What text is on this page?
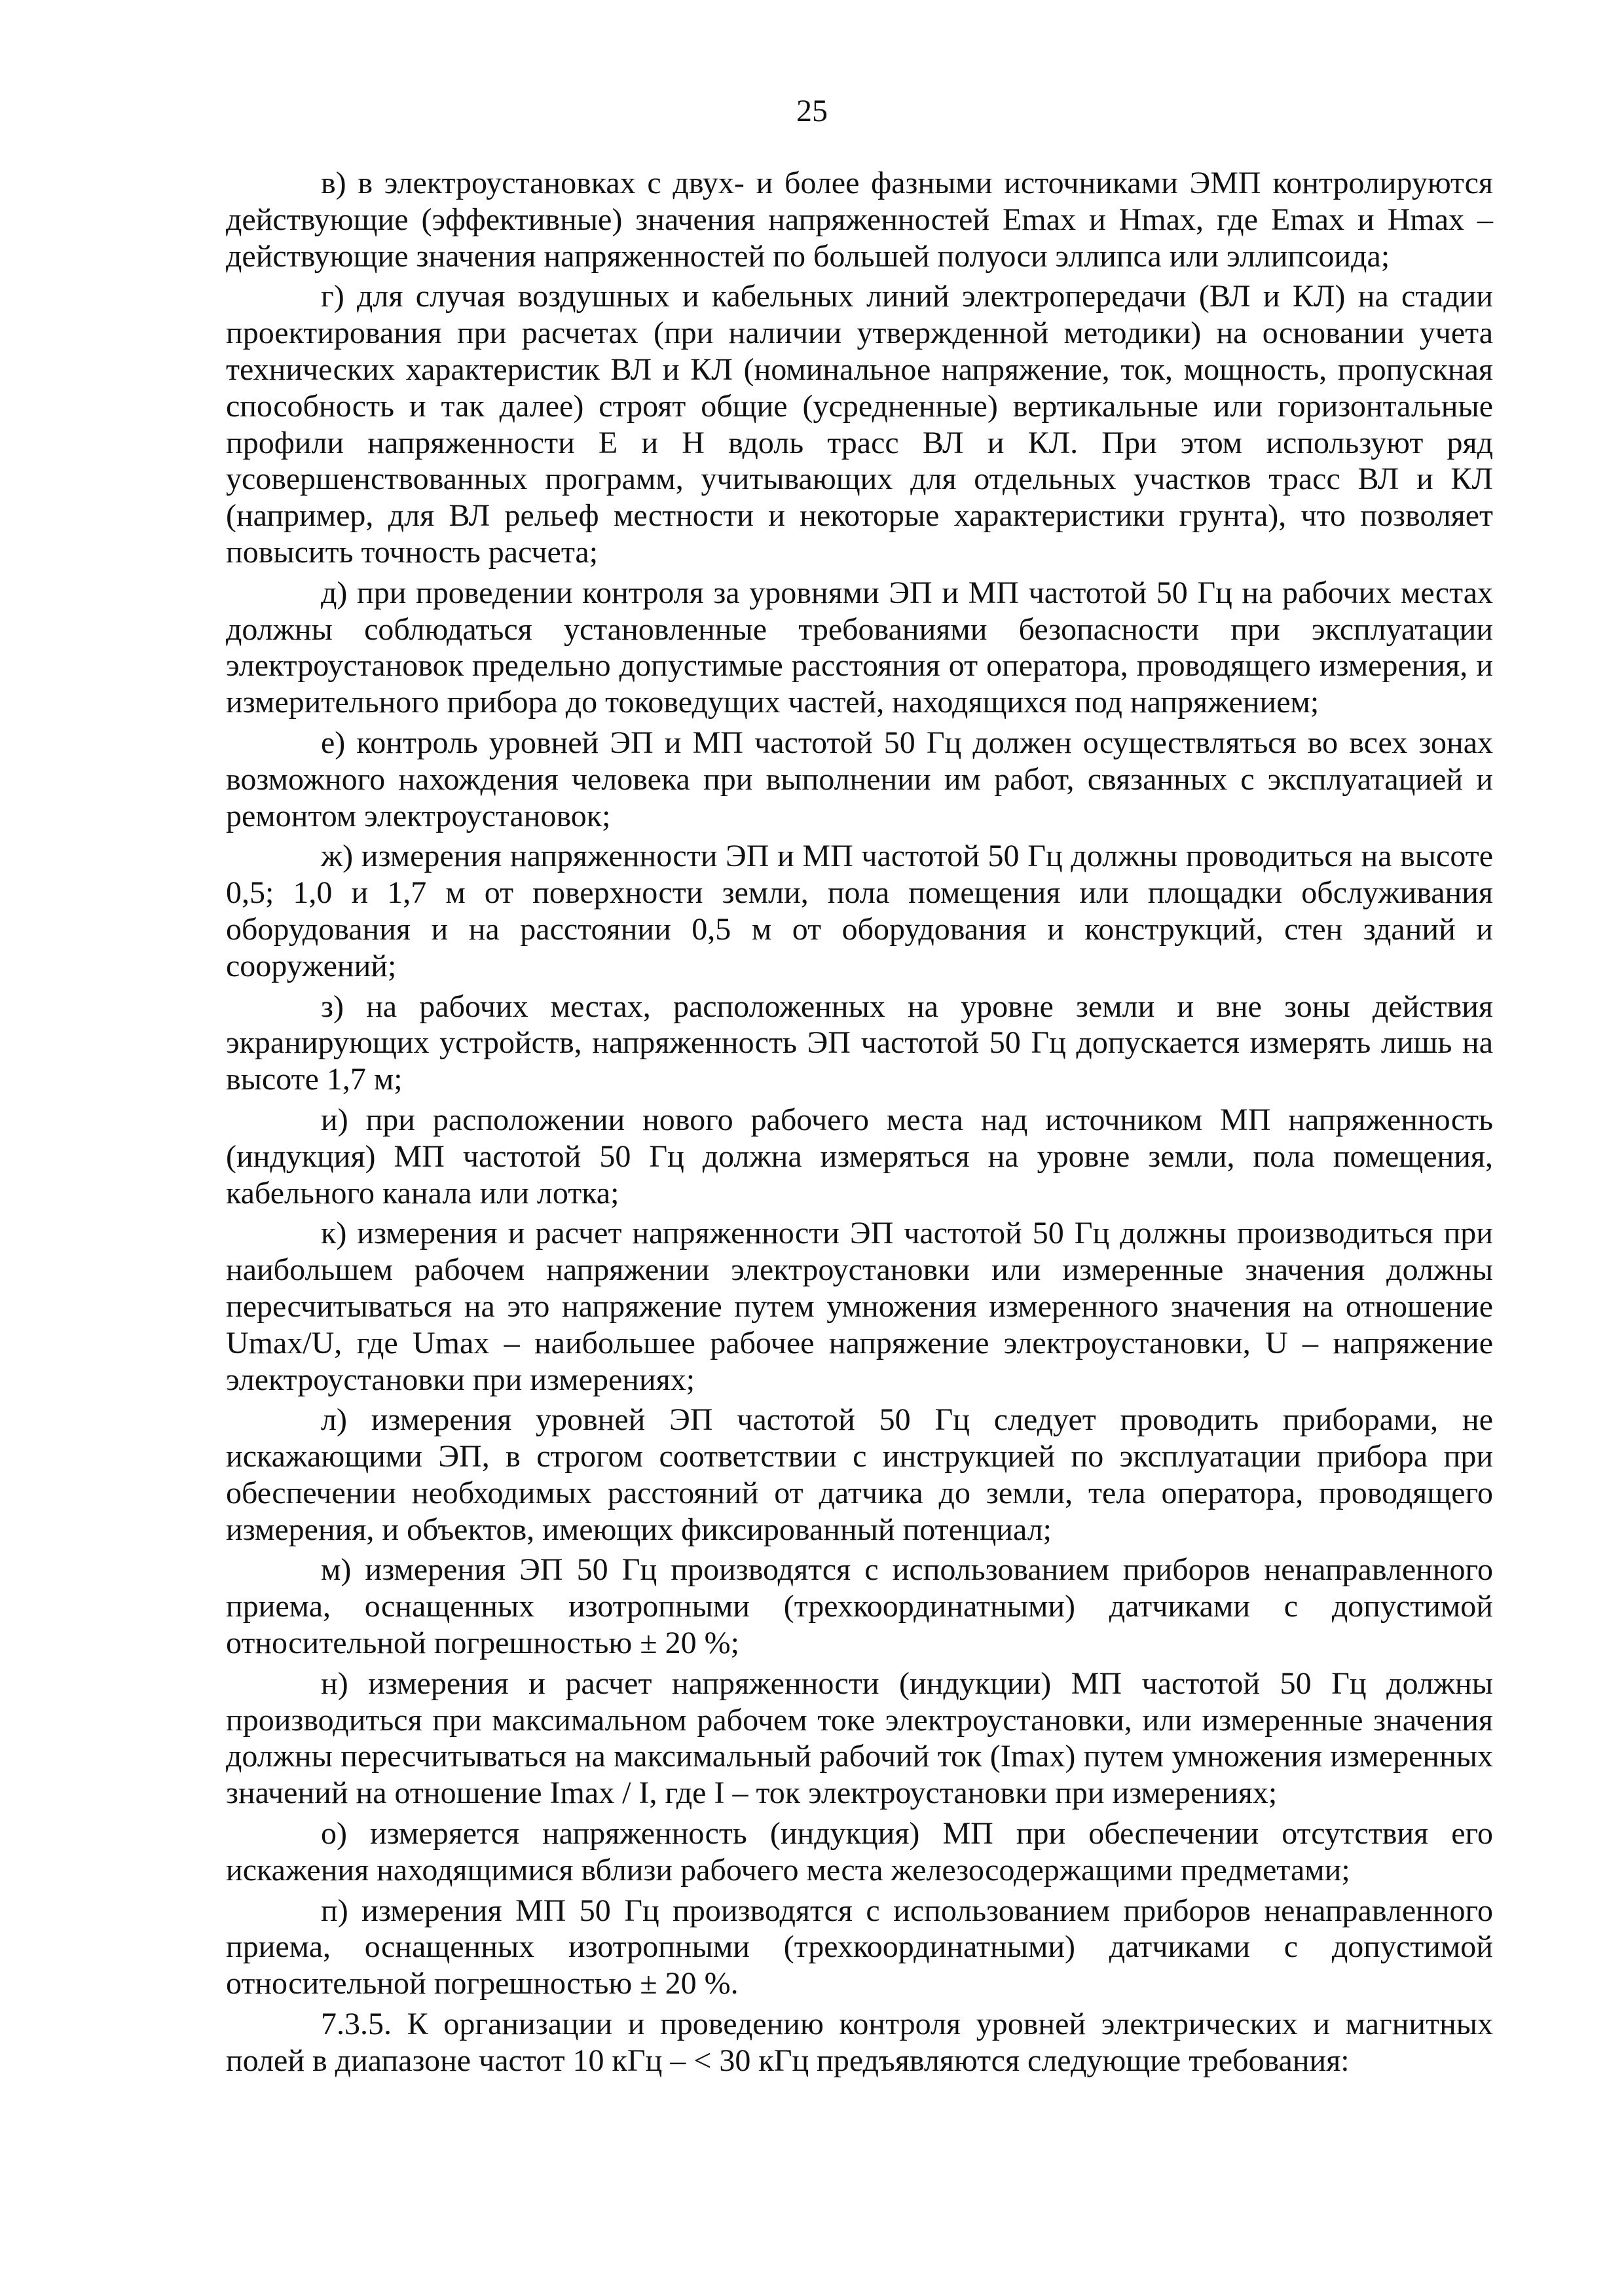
25

в) в электроустановках с двух- и более фазными источниками ЭМП контролируются действующие (эффективные) значения напряженностей Emax и Hmax, где Emax и Hmax – действующие значения напряженностей по большей полуоси эллипса или эллипсоида;

г) для случая воздушных и кабельных линий электропередачи (ВЛ и КЛ) на стадии проектирования при расчетах (при наличии утвержденной методики) на основании учета технических характеристик ВЛ и КЛ (номинальное напряжение, ток, мощность, пропускная способность и так далее) строят общие (усредненные) вертикальные или горизонтальные профили напряженности E и H вдоль трасс ВЛ и КЛ. При этом используют ряд усовершенствованных программ, учитывающих для отдельных участков трасс ВЛ и КЛ (например, для ВЛ рельеф местности и некоторые характеристики грунта), что позволяет повысить точность расчета;

д) при проведении контроля за уровнями ЭП и МП частотой 50 Гц на рабочих местах должны соблюдаться установленные требованиями безопасности при эксплуатации электроустановок предельно допустимые расстояния от оператора, проводящего измерения, и измерительного прибора до токоведущих частей, находящихся под напряжением;

е) контроль уровней ЭП и МП частотой 50 Гц должен осуществляться во всех зонах возможного нахождения человека при выполнении им работ, связанных с эксплуатацией и ремонтом электроустановок;

ж) измерения напряженности ЭП и МП частотой 50 Гц должны проводиться на высоте 0,5; 1,0 и 1,7 м от поверхности земли, пола помещения или площадки обслуживания оборудования и на расстоянии 0,5 м от оборудования и конструкций, стен зданий и сооружений;

з) на рабочих местах, расположенных на уровне земли и вне зоны действия экранирующих устройств, напряженность ЭП частотой 50 Гц допускается измерять лишь на высоте 1,7 м;

и) при расположении нового рабочего места над источником МП напряженность (индукция) МП частотой 50 Гц должна измеряться на уровне земли, пола помещения, кабельного канала или лотка;

к) измерения и расчет напряженности ЭП частотой 50 Гц должны производиться при наибольшем рабочем напряжении электроустановки или измеренные значения должны пересчитываться на это напряжение путем умножения измеренного значения на отношение Umax/U, где Umax – наибольшее рабочее напряжение электроустановки, U – напряжение электроустановки при измерениях;

л) измерения уровней ЭП частотой 50 Гц следует проводить приборами, не искажающими ЭП, в строгом соответствии с инструкцией по эксплуатации прибора при обеспечении необходимых расстояний от датчика до земли, тела оператора, проводящего измерения, и объектов, имеющих фиксированный потенциал;

м) измерения ЭП 50 Гц производятся с использованием приборов ненаправленного приема, оснащенных изотропными (трехкоординатными) датчиками с допустимой относительной погрешностью ± 20 %;

н) измерения и расчет напряженности (индукции) МП частотой 50 Гц должны производиться при максимальном рабочем токе электроустановки, или измеренные значения должны пересчитываться на максимальный рабочий ток (Imax) путем умножения измеренных значений на отношение Imax / I, где I – ток электроустановки при измерениях;

о) измеряется напряженность (индукция) МП при обеспечении отсутствия его искажения находящимися вблизи рабочего места железосодержащими предметами;

п) измерения МП 50 Гц производятся с использованием приборов ненаправленного приема, оснащенных изотропными (трехкоординатными) датчиками с допустимой относительной погрешностью ± 20 %.

7.3.5. К организации и проведению контроля уровней электрических и магнитных полей в диапазоне частот 10 кГц – < 30 кГц предъявляются следующие требования:
